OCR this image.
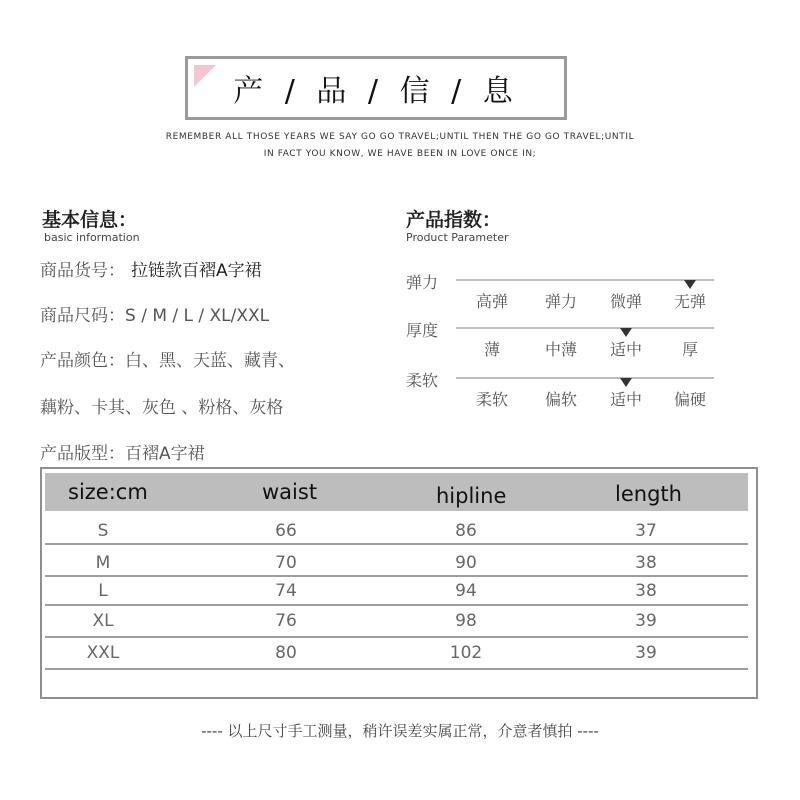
产 / 品 / 信 / 息
REMEMBER ALL THOSE YEARS WE SAY GO GO TRAVEL;UNTIL THEN THE GO GO TRAVEL;UNTIL
IN FACT YOU KNOW, WE HAVE BEEN IN LOVE ONCE IN;
基本信息：
basic information
商品货号： 拉链款百褶A字裙
商品尺码：S / M / L / XL/XXL
产品颜色：白、黑、天蓝、藏青、
藕粉、卡其、灰色 、粉格、灰格
产品版型：百褶A字裙
产品指数：
Product Parameter
弹力
高弹	弹力	微弹	无弹
厚度
薄	中薄	适中	厚
柔软
柔软	偏软	适中	偏硬
size:cm	waist	hipline	length
S	66	86	37
M	70	90	38
L	74	94	38
XL	76	98	39
XXL	80	102	39
---- 以上尺寸手工测量，稍许误差实属正常，介意者慎拍 ----
